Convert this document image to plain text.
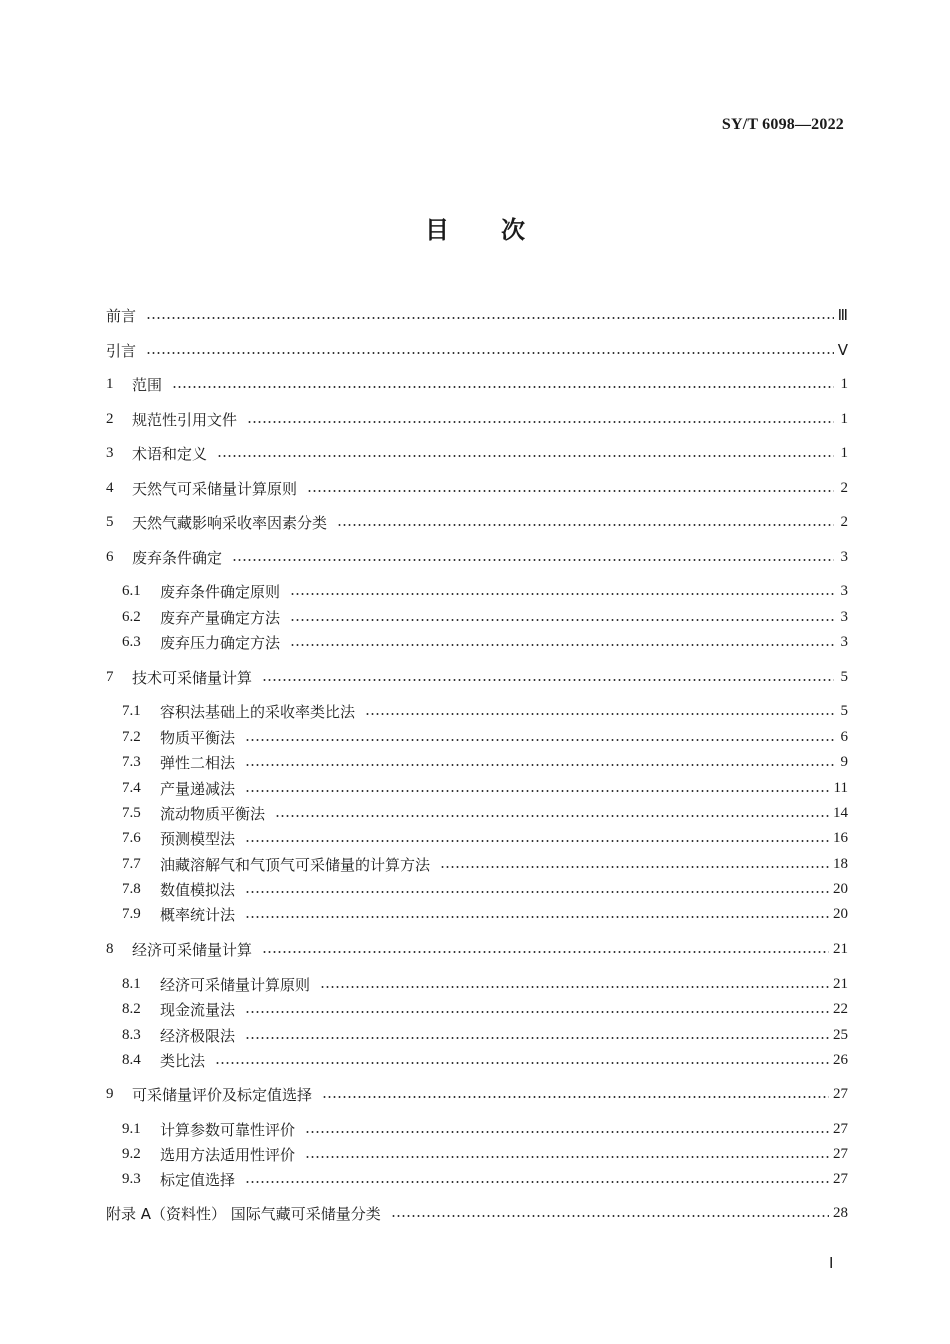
SY/T 6098—2022
目 次
前言	Ⅲ
引言	Ⅴ
1	范围	1
2	规范性引用文件	1
3	术语和定义	1
4	天然气可采储量计算原则	2
5	天然气藏影响采收率因素分类	2
6	废弃条件确定	3
6.1	废弃条件确定原则	3
6.2	废弃产量确定方法	3
6.3	废弃压力确定方法	3
7	技术可采储量计算	5
7.1	容积法基础上的采收率类比法	5
7.2	物质平衡法	6
7.3	弹性二相法	9
7.4	产量递减法	11
7.5	流动物质平衡法	14
7.6	预测模型法	16
7.7	油藏溶解气和气顶气可采储量的计算方法	18
7.8	数值模拟法	20
7.9	概率统计法	20
8	经济可采储量计算	21
8.1	经济可采储量计算原则	21
8.2	现金流量法	22
8.3	经济极限法	25
8.4	类比法	26
9	可采储量评价及标定值选择	27
9.1	计算参数可靠性评价	27
9.2	选用方法适用性评价	27
9.3	标定值选择	27
附录 A（资料性） 国际气藏可采储量分类	28
Ⅰ
